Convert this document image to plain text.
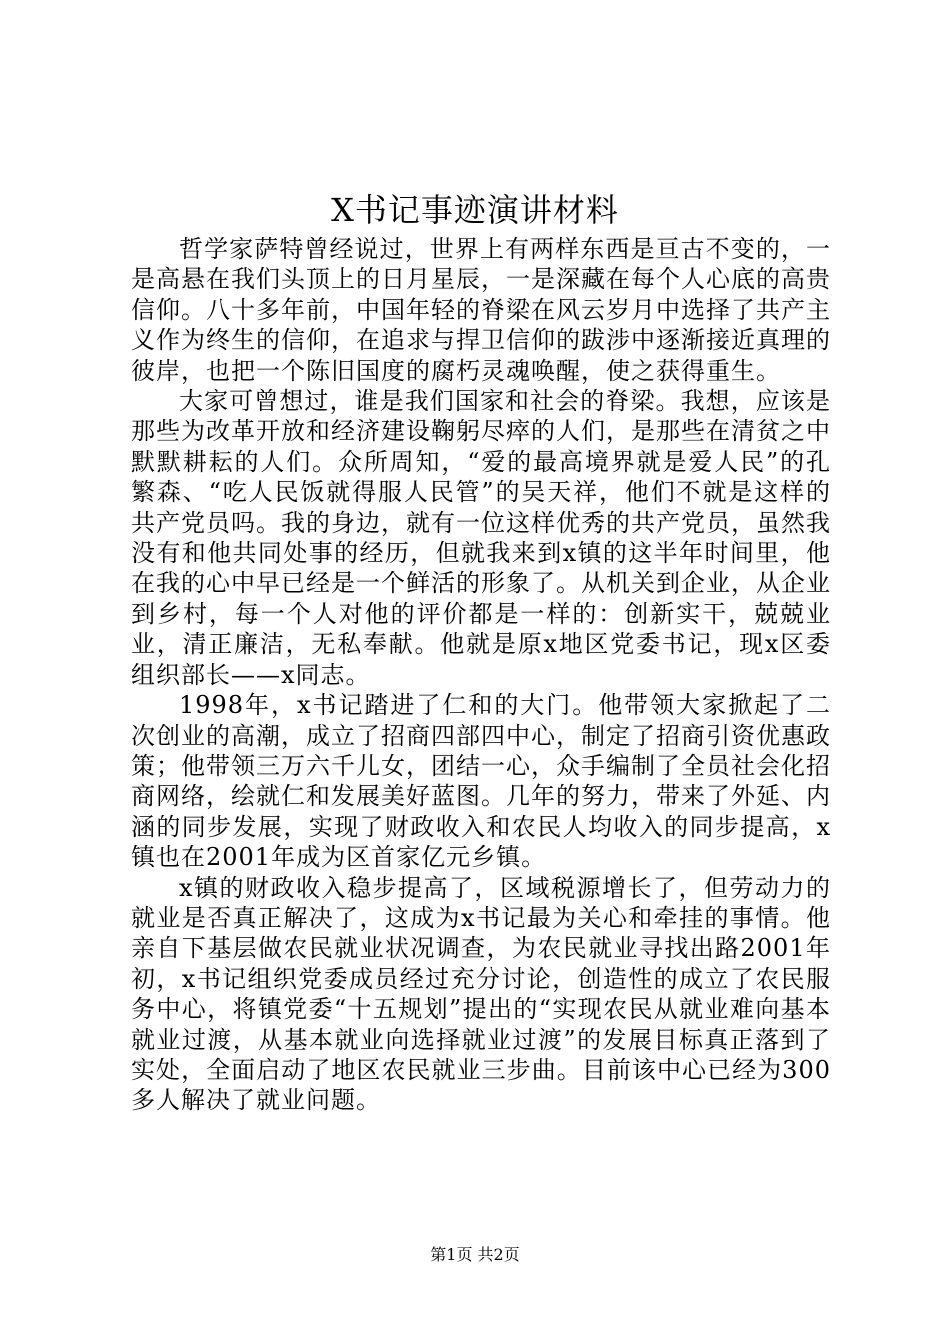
X书记事迹演讲材料

哲学家萨特曾经说过，世界上有两样东西是亘古不变的，一是高悬在我们头顶上的日月星辰，一是深藏在每个人心底的高贵信仰。八十多年前，中国年轻的脊梁在风云岁月中选择了共产主义作为终生的信仰，在追求与捍卫信仰的跋涉中逐渐接近真理的彼岸，也把一个陈旧国度的腐朽灵魂唤醒，使之获得重生。

大家可曾想过，谁是我们国家和社会的脊梁。我想，应该是那些为改革开放和经济建设鞠躬尽瘁的人们，是那些在清贫之中默默耕耘的人们。众所周知，“爱的最高境界就是爱人民”的孔繁森、“吃人民饭就得服人民管”的吴天祥，他们不就是这样的共产党员吗。我的身边，就有一位这样优秀的共产党员，虽然我没有和他共同处事的经历，但就我来到x镇的这半年时间里，他在我的心中早已经是一个鲜活的形象了。从机关到企业，从企业到乡村，每一个人对他的评价都是一样的：创新实干，兢兢业业，清正廉洁，无私奉献。他就是原x地区党委书记，现x区委组织部长——x同志。

1998年，x书记踏进了仁和的大门。他带领大家掀起了二次创业的高潮，成立了招商四部四中心，制定了招商引资优惠政策；他带领三万六千儿女，团结一心，众手编制了全员社会化招商网络，绘就仁和发展美好蓝图。几年的努力，带来了外延、内涵的同步发展，实现了财政收入和农民人均收入的同步提高，x镇也在2001年成为区首家亿元乡镇。

x镇的财政收入稳步提高了，区域税源增长了，但劳动力的就业是否真正解决了，这成为x书记最为关心和牵挂的事情。他亲自下基层做农民就业状况调查，为农民就业寻找出路2001年初，x书记组织党委成员经过充分讨论，创造性的成立了农民服务中心，将镇党委“十五规划”提出的“实现农民从就业难向基本就业过渡，从基本就业向选择就业过渡”的发展目标真正落到了实处，全面启动了地区农民就业三步曲。目前该中心已经为300多人解决了就业问题。

第1页 共2页
